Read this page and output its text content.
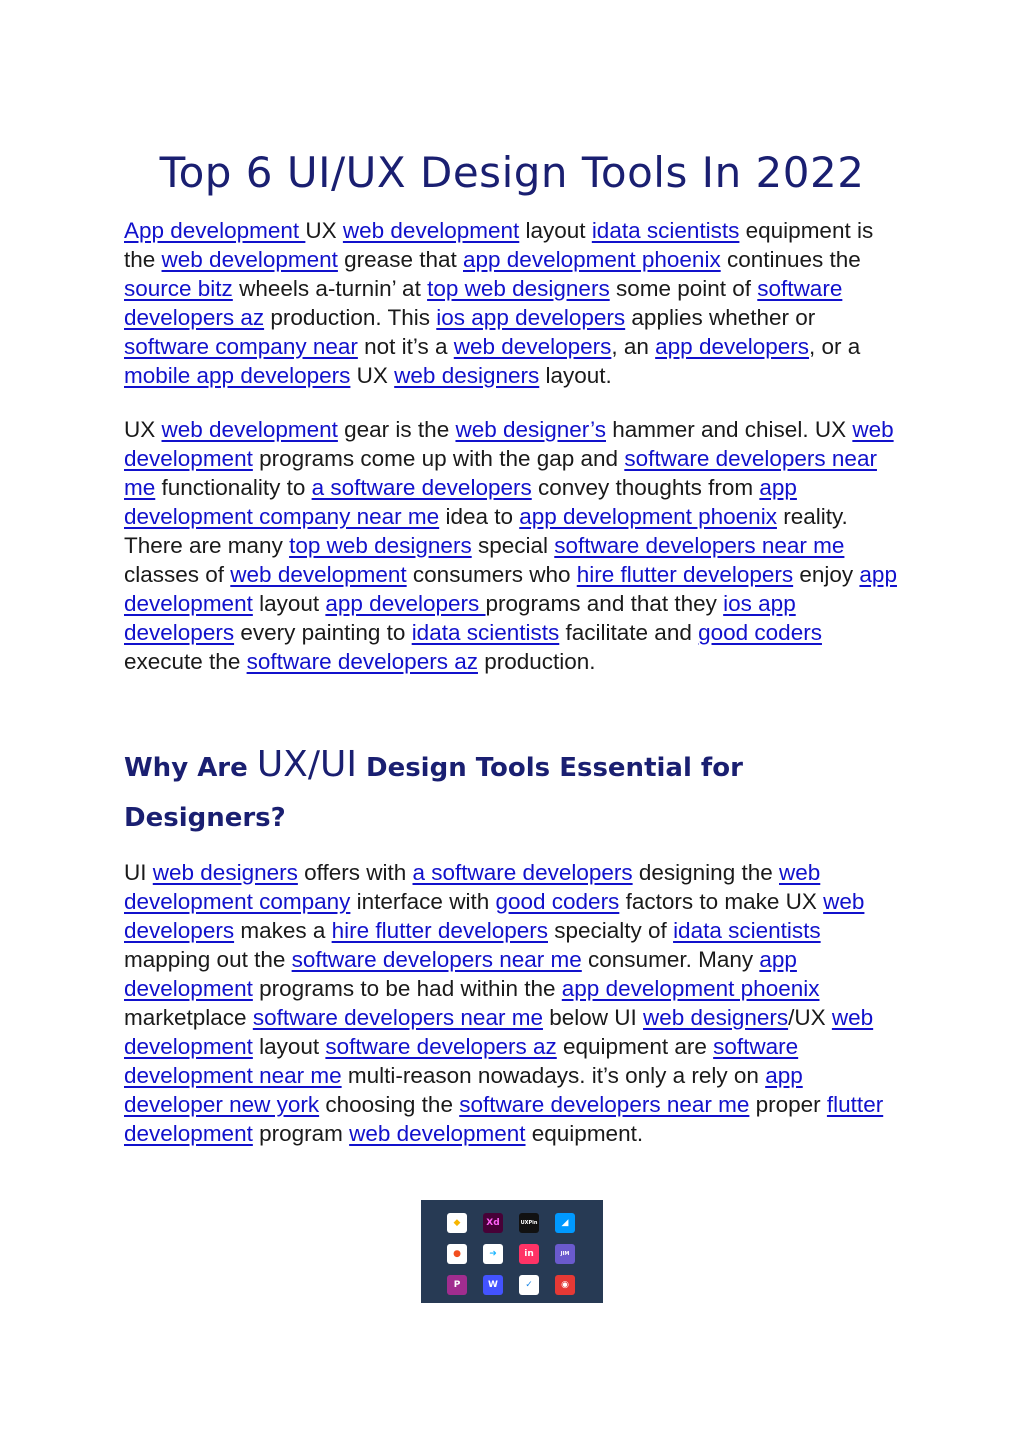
Top 6 UI/UX Design Tools In 2022

App development UX web development layout idata scientists equipment is the web development grease that app development phoenix continues the source bitz wheels a-turnin’ at top web designers some point of software developers az production. This ios app developers applies whether or software company near not it’s a web developers, an app developers, or a mobile app developers UX web designers layout.

UX web development gear is the web designer’s hammer and chisel. UX web development programs come up with the gap and software developers near me functionality to a software developers convey thoughts from app development company near me idea to app development phoenix reality. There are many top web designers special software developers near me classes of web development consumers who hire flutter developers enjoy app development layout app developers programs and that they ios app developers every painting to idata scientists facilitate and good coders execute the software developers az production.

Why Are UX/UI Design Tools Essential for Designers?

UI web designers offers with a software developers designing the web development company interface with good coders factors to make UX web developers makes a hire flutter developers specialty of idata scientists mapping out the software developers near me consumer. Many app development programs to be had within the app development phoenix marketplace software developers near me below UI web designers/UX web development layout software developers az equipment are software development near me multi-reason nowadays. it’s only a rely on app developer new york choosing the software developers near me proper flutter development program web development equipment.

◆	Xd	UXPin	◢
●	➜	in	JIM
P	W	✓	◉
